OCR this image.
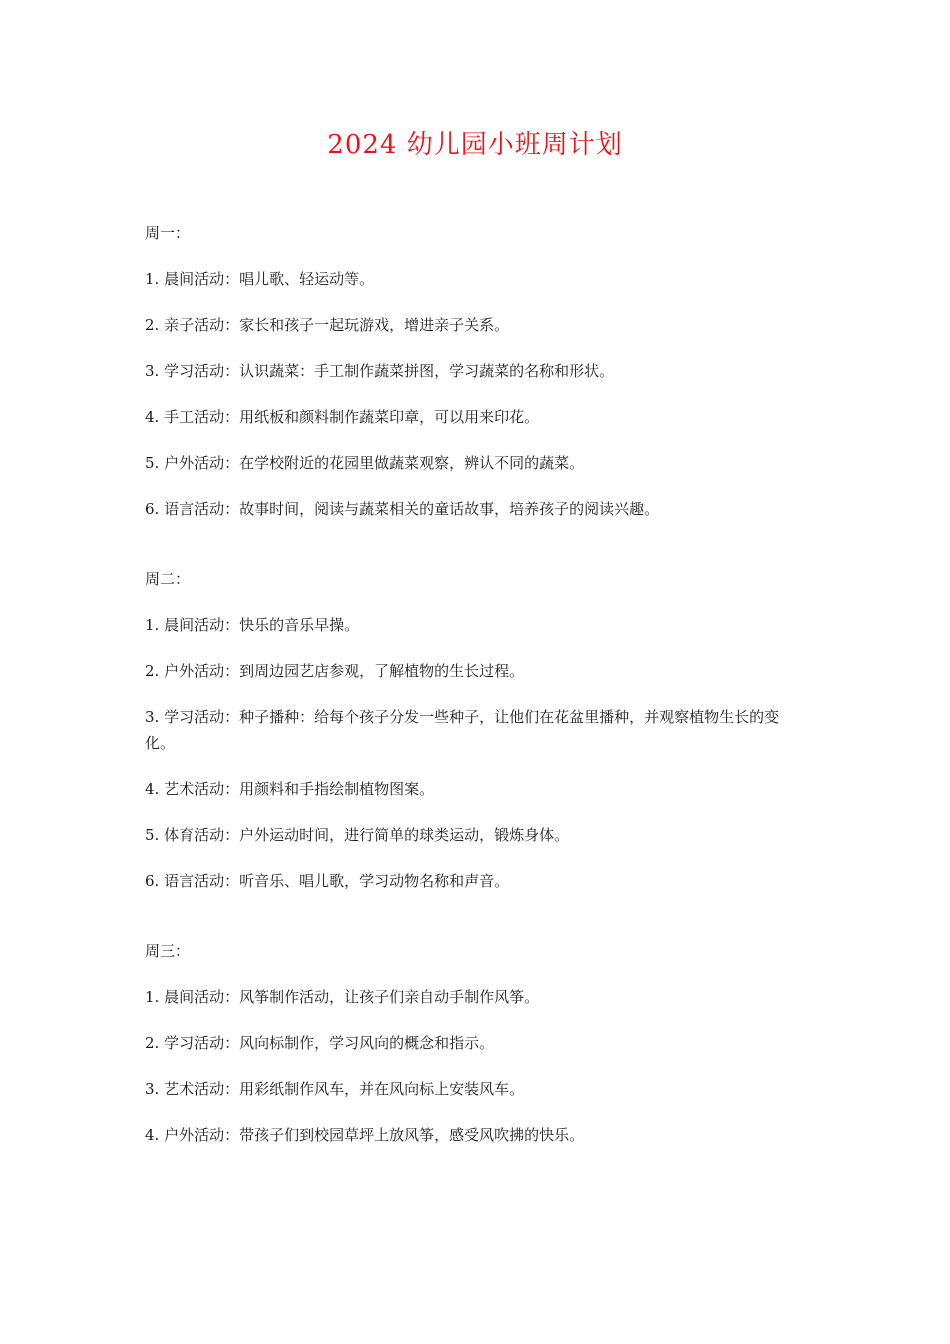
2024 幼儿园小班周计划

周一：

1. 晨间活动：唱儿歌、轻运动等。

2. 亲子活动：家长和孩子一起玩游戏，增进亲子关系。

3. 学习活动：认识蔬菜：手工制作蔬菜拼图，学习蔬菜的名称和形状。

4. 手工活动：用纸板和颜料制作蔬菜印章，可以用来印花。

5. 户外活动：在学校附近的花园里做蔬菜观察，辨认不同的蔬菜。

6. 语言活动：故事时间，阅读与蔬菜相关的童话故事，培养孩子的阅读兴趣。

周二：

1. 晨间活动：快乐的音乐早操。

2. 户外活动：到周边园艺店参观，了解植物的生长过程。

3. 学习活动：种子播种：给每个孩子分发一些种子，让他们在花盆里播种，并观察植物生长的变化。

4. 艺术活动：用颜料和手指绘制植物图案。

5. 体育活动：户外运动时间，进行简单的球类运动，锻炼身体。

6. 语言活动：听音乐、唱儿歌，学习动物名称和声音。

周三：

1. 晨间活动：风筝制作活动，让孩子们亲自动手制作风筝。

2. 学习活动：风向标制作，学习风向的概念和指示。

3. 艺术活动：用彩纸制作风车，并在风向标上安装风车。

4. 户外活动：带孩子们到校园草坪上放风筝，感受风吹拂的快乐。
